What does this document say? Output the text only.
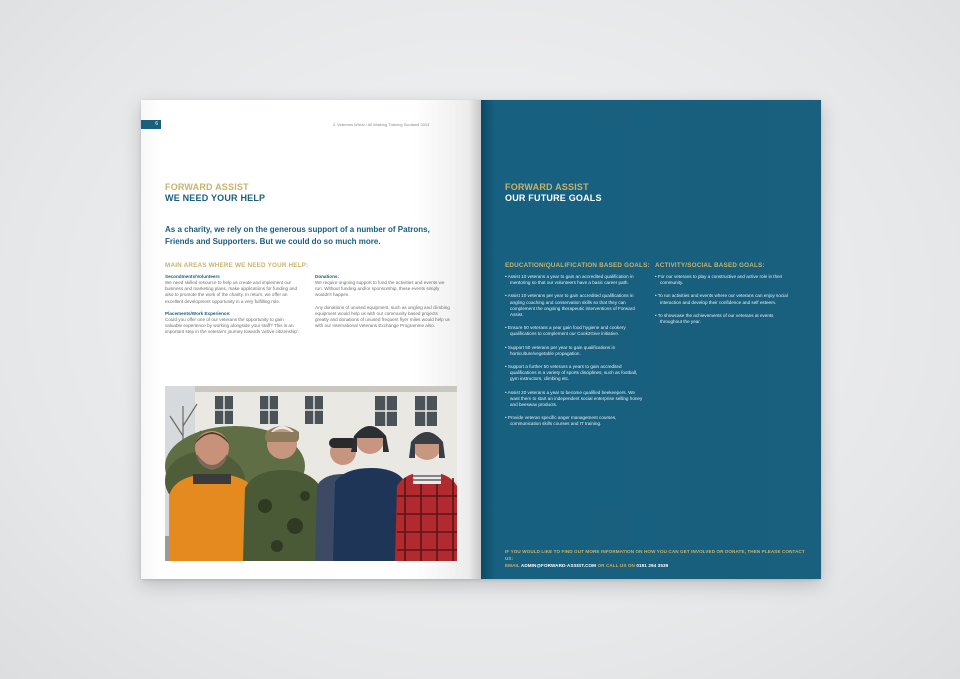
6	3. Veterans Wirral / All Walking Training Scotland 2013
FORWARD ASSIST
WE NEED YOUR HELP
As a charity, we rely on the generous support of a number of Patrons, Friends and Supporters. But we could do so much more.
MAIN AREAS WHERE WE NEED YOUR HELP:
Secondments/Volunteers
We need skilled resource to help us create and implement our business and marketing plans, make applications for funding and also to promote the work of the charity. In return, we offer an excellent development opportunity in a very fulfilling role.
Placements/Work Experience:
Could you offer one of our veterans the opportunity to gain valuable experience by working alongside your staff? This is an important step in the veteran's journey towards 'active citizenship'.
Donations:
We require ongoing support to fund the activities and events we run. Without funding and/or sponsorship, these events simply wouldn't happen.
Any donations of unused equipment, such as angling and climbing equipment would help us with our community based projects greatly and donations of unused frequent flyer miles would help us with our International Veterans Exchange Programme also.
FORWARD ASSIST
OUR FUTURE GOALS
EDUCATION/QUALIFICATION BASED GOALS:
• Assist 10 veterans a year to gain an accredited qualification in mentoring so that our volunteers have a basic career path.
• Assist 10 veterans per year to gain accredited qualifications in angling coaching and conservation skills so that they can complement the ongoing therapeutic interventions of Forward Assist.
• Ensure 50 veterans a year gain food hygiene and cookery qualifications to complement our Cook2Give initiative.
• Support 50 veterans per year to gain qualifications in horticulture/vegetable propagation.
• Support a further 50 veterans a years to gain accredited qualifications in a variety of sports disciplines, such as football, gym instructors, climbing etc.
• Assist 20 veterans a year to become qualified beekeepers. We want them to start an independent social enterprise selling honey and beeswax products.
• Provide veteran specific anger management courses, communication skills courses and IT training.
ACTIVITY/SOCIAL BASED GOALS:
• For our veterans to play a constructive and active role in their community.
• To run activities and events where our veterans can enjoy social interaction and develop their confidence and self esteem.
• To showcase the achievements of our veterans at events throughout the year.
IF YOU WOULD LIKE TO FIND OUT MORE INFORMATION ON HOW YOU CAN GET INVOLVED OR DONATE, THEN PLEASE CONTACT US:
EMAIL ADMIN@FORWARD-ASSIST.COM OR CALL US ON 0191 294 3539
